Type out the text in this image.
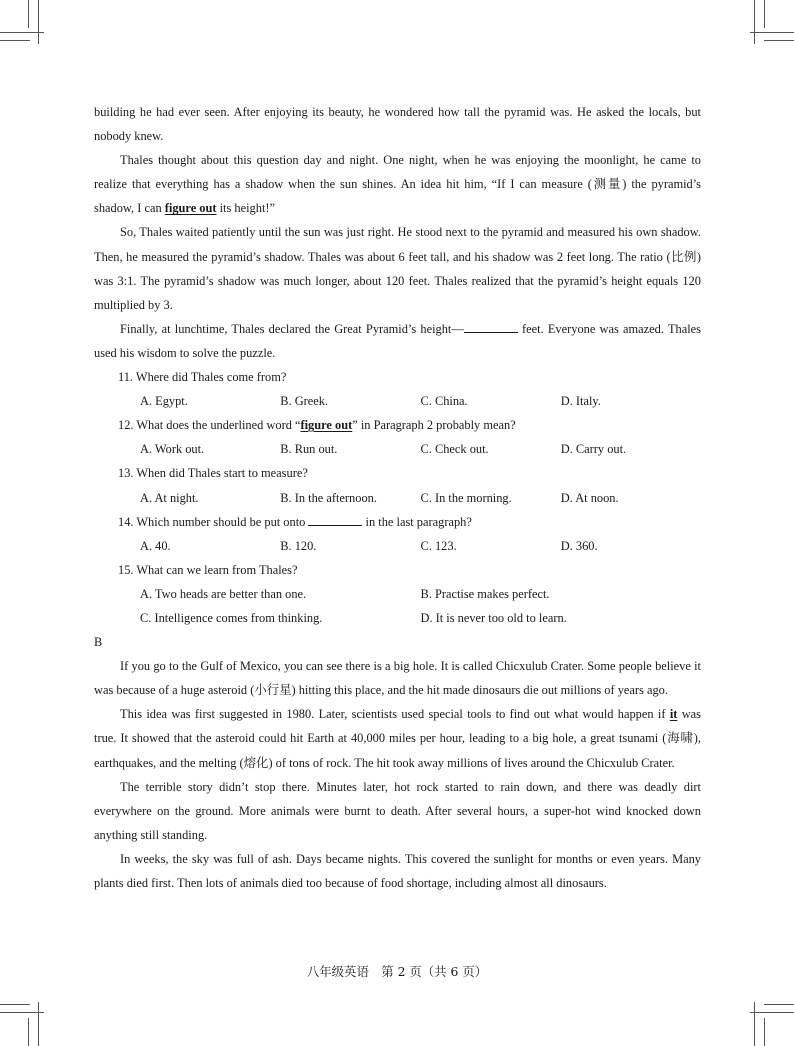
building he had ever seen. After enjoying its beauty, he wondered how tall the pyramid was. He asked the locals, but nobody knew.

Thales thought about this question day and night. One night, when he was enjoying the moonlight, he came to realize that everything has a shadow when the sun shines. An idea hit him, “If I can measure (测量) the pyramid’s shadow, I can figure out its height!”

So, Thales waited patiently until the sun was just right. He stood next to the pyramid and measured his own shadow. Then, he measured the pyramid’s shadow. Thales was about 6 feet tall, and his shadow was 2 feet long. The ratio (比例) was 3:1. The pyramid’s shadow was much longer, about 120 feet. Thales realized that the pyramid’s height equals 120 multiplied by 3.

Finally, at lunchtime, Thales declared the Great Pyramid’s height—	feet. Everyone was amazed. Thales used his wisdom to solve the puzzle.

11. Where did Thales come from?

A. Egypt.	B. Greek.	C. China.	D. Italy.

12. What does the underlined word “figure out” in Paragraph 2 probably mean?

A. Work out.	B. Run out.	C. Check out.	D. Carry out.

13. When did Thales start to measure?

A. At night.	B. In the afternoon.	C. In the morning.	D. At noon.

14. Which number should be put onto	in the last paragraph?

A. 40.	B. 120.	C. 123.	D. 360.

15. What can we learn from Thales?

A. Two heads are better than one.	B. Practise makes perfect.
C. Intelligence comes from thinking.	D. It is never too old to learn.

B

If you go to the Gulf of Mexico, you can see there is a big hole. It is called Chicxulub Crater. Some people believe it was because of a huge asteroid (小行星) hitting this place, and the hit made dinosaurs die out millions of years ago.

This idea was first suggested in 1980. Later, scientists used special tools to find out what would happen if it was true. It showed that the asteroid could hit Earth at 40,000 miles per hour, leading to a big hole, a great tsunami (海啸), earthquakes, and the melting (熔化) of tons of rock. The hit took away millions of lives around the Chicxulub Crater.

The terrible story didn’t stop there. Minutes later, hot rock started to rain down, and there was deadly dirt everywhere on the ground. More animals were burnt to death. After several hours, a super-hot wind knocked down anything still standing.

In weeks, the sky was full of ash. Days became nights. This covered the sunlight for months or even years. Many plants died first. Then lots of animals died too because of food shortage, including almost all dinosaurs.

八年级英语　第 2 页（共 6 页）
